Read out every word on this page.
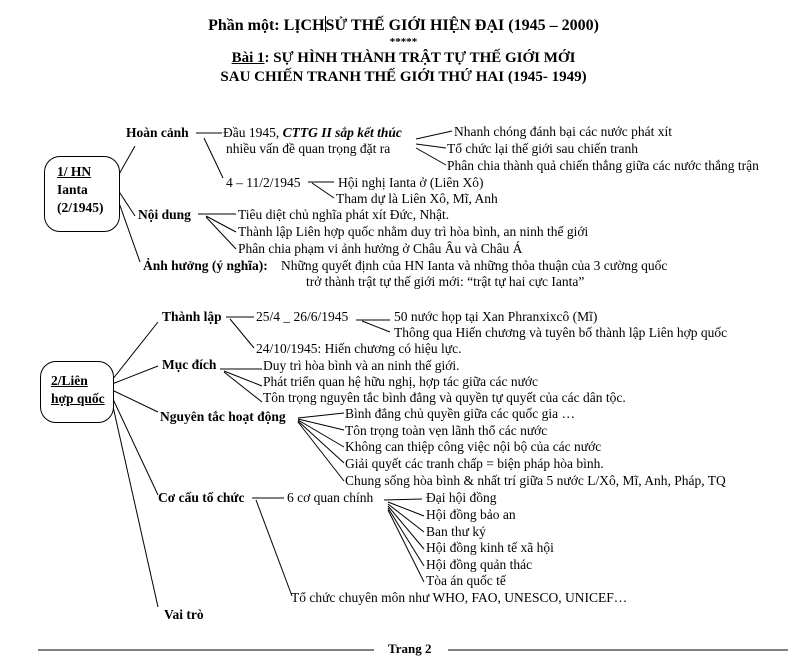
Phần một: LỊCHSỬ THẾ GIỚI HIỆN ĐẠI (1945 – 2000)
*****
Bài 1: SỰ HÌNH THÀNH TRẬT TỰ THẾ GIỚI MỚI
SAU CHIẾN TRANH THẾ GIỚI THỨ HAI (1945- 1949)
1/ HN
Ianta
(2/1945)
Hoàn cảnh	Đầu 1945, CTTG II sắp kết thúc
nhiều vấn đề quan trọng đặt ra
Nhanh chóng đánh bại các nước phát xít
Tổ chức lại thế giới sau chiến tranh
Phân chia thành quả chiến thắng giữa các nước thắng trận
4 – 11/2/1945	Hội nghị Ianta ở (Liên Xô)
Tham dự là Liên Xô, Mĩ, Anh
Nội dung	Tiêu diệt chủ nghĩa phát xít Đức, Nhật.
Thành lập Liên hợp quốc nhằm duy trì hòa bình, an ninh thế giới
Phân chia phạm vi ảnh hưởng ở Châu Âu và Châu Á
Ảnh hưởng (ý nghĩa): Những quyết định của HN Ianta và những thỏa thuận của 3 cường quốc
trở thành trật tự thế giới mới: “trật tự hai cực Ianta”
2/Liên
hợp quốc
Thành lập	25/4 _ 26/6/1945	50 nước họp tại Xan Phranxixcô (Mĩ)
Thông qua Hiến chương và tuyên bố thành lập Liên hợp quốc
24/10/1945: Hiến chương có hiệu lực.
Mục đích	Duy trì hòa bình và an ninh thế giới.
Phát triển quan hệ hữu nghị, hợp tác giữa các nước
Tôn trọng nguyên tắc bình đẳng và quyền tự quyết của các dân tộc.
Nguyên tắc hoạt động	Bình đẳng chủ quyền giữa các quốc gia …
Tôn trọng toàn vẹn lãnh thổ các nước
Không can thiệp công việc nội bộ của các nước
Giải quyết các tranh chấp = biện pháp hòa bình.
Chung sống hòa bình & nhất trí giữa 5 nước L/Xô, Mĩ, Anh, Pháp, TQ
Cơ cấu tổ chức	6 cơ quan chính	Đại hội đồng
Hội đồng bảo an
Ban thư ký
Hội đồng kinh tế xã hội
Hội đồng quản thác
Tòa án quốc tế
Tổ chức chuyên môn như WHO, FAO, UNESCO, UNICEF…
Vai trò
Trang 2
